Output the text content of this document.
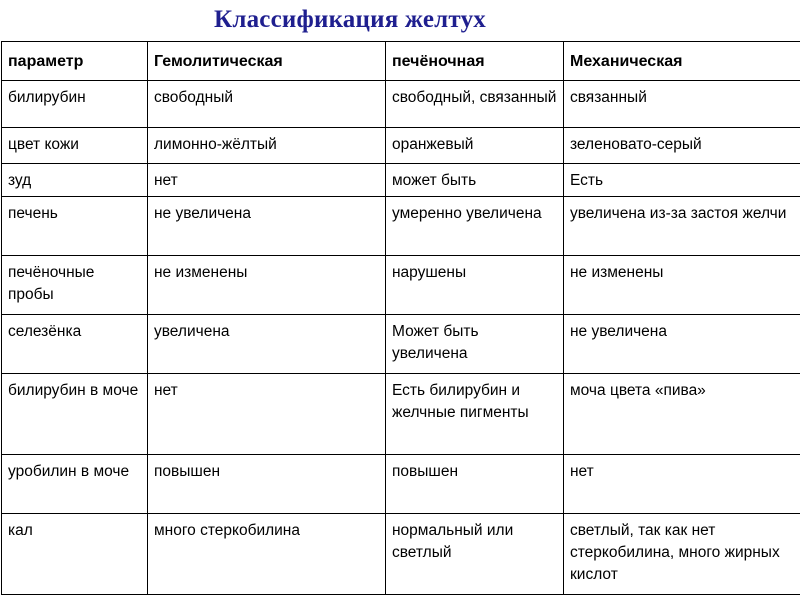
Классификация желтух
параметр	Гемолитическая	печёночная	Механическая
билирубин	свободный	свободный, связанный	связанный
цвет кожи	лимонно-жёлтый	оранжевый	зеленовато-серый
зуд	нет	может быть	Есть
печень	не увеличена	умеренно увеличена	увеличена из-за застоя желчи
печёночные пробы	не изменены	нарушены	не изменены
селезёнка	увеличена	Может быть увеличена	не увеличена
билирубин в моче	нет	Есть билирубин и желчные пигменты	моча цвета «пива»
уробилин в моче	повышен	повышен	нет
кал	много стеркобилина	нормальный или светлый	светлый, так как нет стеркобилина, много жирных кислот
